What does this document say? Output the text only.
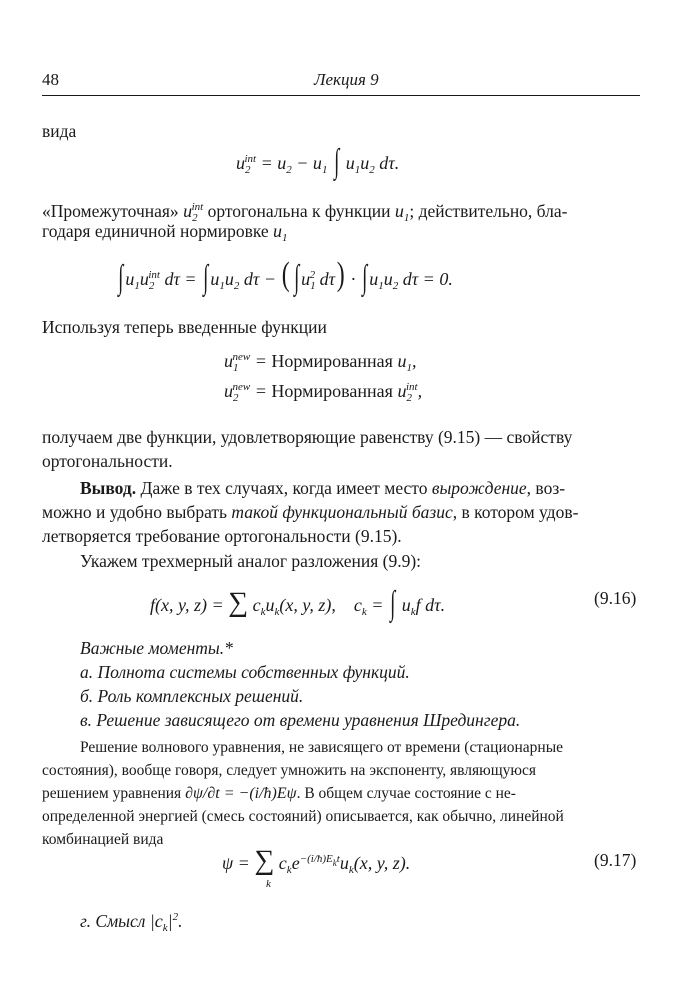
48	Лекция 9
вида
$u_2^{int} = u_2 - u_1$ ∫ $u_1u_2$ dτ.
«Промежуточная» $u_2^{int}$ ортогональна к функции $u_1$; действительно, бла-
годаря единичной нормировке $u_1$
∫ $u_1u_2^{int}$ dτ = ∫ $u_1u_2$ dτ − ( ∫ $u_1^2$ dτ) · ∫ $u_1u_2$ dτ = 0.
Используя теперь введенные функции
$u_1^{new}$ = Нормированная $u_1$,
$u_2^{new}$ = Нормированная $u_2^{int}$,
получаем две функции, удовлетворяющие равенству (9.15) — свойству
ортогональности.
Вывод. Даже в тех случаях, когда имеет место вырождение, воз-
можно и удобно выбрать такой функциональный базис, в котором удов-
летворяется требование ортогональности (9.15).
Укажем трехмерный аналог разложения (9.9):
f(x, y, z) = ∑ $c_ku_k(x$, y, z),    $c_k$ = ∫ $u_kf$ dτ.	(9.16)
Важные моменты.*
а. Полнота системы собственных функций.
б. Роль комплексных решений.
в. Решение зависящего от времени уравнения Шредингера.
Решение волнового уравнения, не зависящего от времени (стационарные
состояния), вообще говоря, следует умножить на экспоненту, являющуюся
решением уравнения ∂ψ/∂t = −(i/ħ)Eψ. В общем случае состояние с не-
определенной энергией (смесь состояний) описывается, как обычно, линейной
комбинацией вида
ψ = ∑ $c_ke^{-(i/ħ)E_kt}u_k(x$, y, z).
k
(9.17)
г. Смысл $|c_k|^2$.
